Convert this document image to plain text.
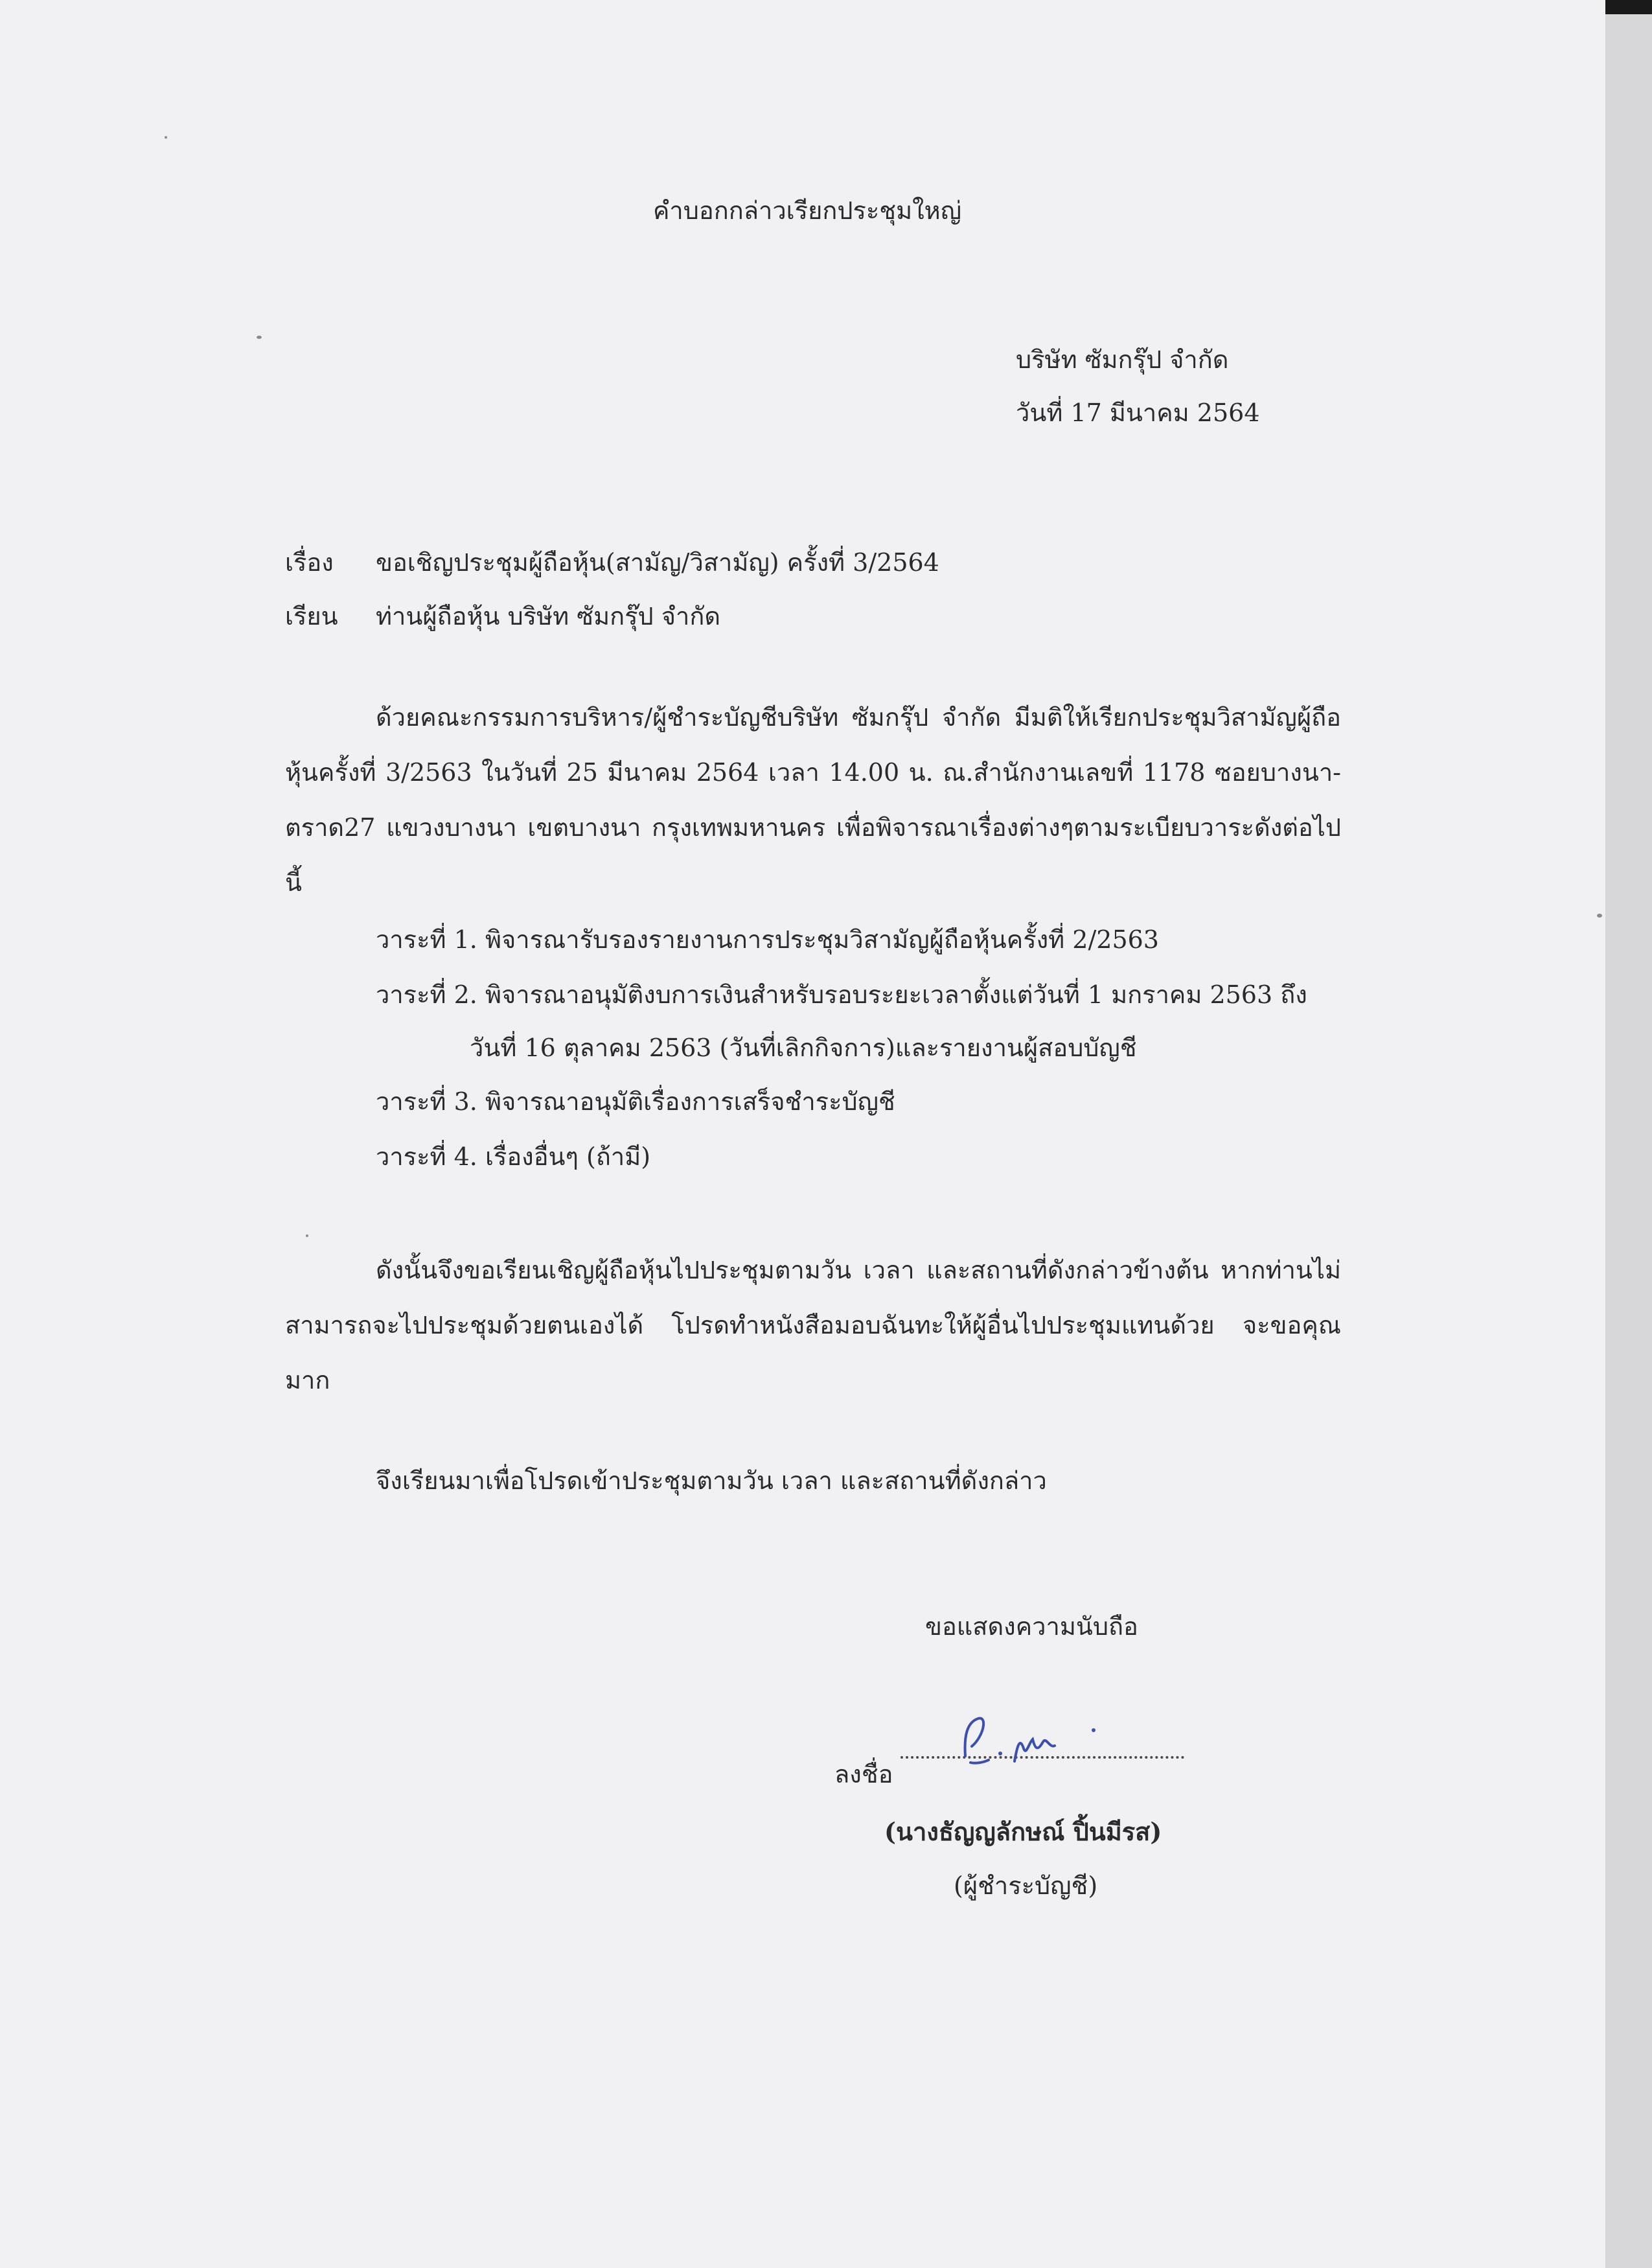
คำบอกกล่าวเรียกประชุมใหญ่
บริษัท ซัมกรุ๊ป จำกัด
วันที่ 17 มีนาคม 2564
เรื่อง ขอเชิญประชุมผู้ถือหุ้น(สามัญ/วิสามัญ) ครั้งที่ 3/2564
เรียน ท่านผู้ถือหุ้น บริษัท ซัมกรุ๊ป จำกัด
ด้วยคณะกรรมการบริหาร/ผู้ชำระบัญชีบริษัท ซัมกรุ๊ป จำกัด มีมติให้เรียกประชุมวิสามัญผู้ถือหุ้นครั้งที่ 3/2563 ในวันที่ 25 มีนาคม 2564 เวลา 14.00 น. ณ.สำนักงานเลขที่ 1178 ซอยบางนา-ตราด27 แขวงบางนา เขตบางนา กรุงเทพมหานคร เพื่อพิจารณาเรื่องต่างๆตามระเบียบวาระดังต่อไปนี้
วาระที่ 1. พิจารณารับรองรายงานการประชุมวิสามัญผู้ถือหุ้นครั้งที่ 2/2563
วาระที่ 2. พิจารณาอนุมัติงบการเงินสำหรับรอบระยะเวลาตั้งแต่วันที่ 1 มกราคม 2563 ถึง
วันที่ 16 ตุลาคม 2563 (วันที่เลิกกิจการ)และรายงานผู้สอบบัญชี
วาระที่ 3. พิจารณาอนุมัติเรื่องการเสร็จชำระบัญชี
วาระที่ 4. เรื่องอื่นๆ (ถ้ามี)
ดังนั้นจึงขอเรียนเชิญผู้ถือหุ้นไปประชุมตามวัน เวลา และสถานที่ดังกล่าวข้างต้น หากท่านไม่สามารถจะไปประชุมด้วยตนเองได้ โปรดทำหนังสือมอบฉันทะให้ผู้อื่นไปประชุมแทนด้วย จะขอคุณมาก
จึงเรียนมาเพื่อโปรดเข้าประชุมตามวัน เวลา และสถานที่ดังกล่าว
ขอแสดงความนับถือ
ลงชื่อ
(นางธัญญลักษณ์ ปิ้นมีรส)
(ผู้ชำระบัญชี)
